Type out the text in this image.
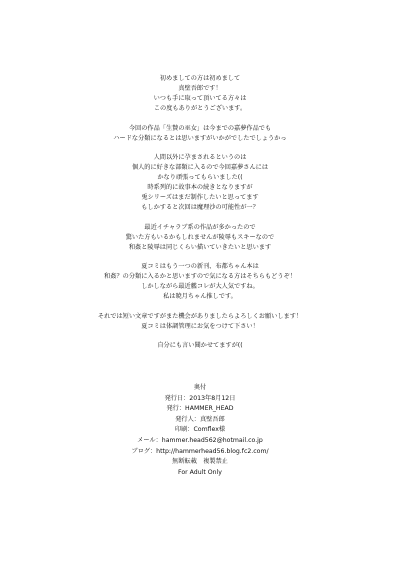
初めましての方は初めまして
真壁吾郎です！
いつも手に取って頂いてる方々は
この度もありがとうございます。
今回の作品「生贄の巫女」は今までの嘉夢作品でも
ハードな分類になるとは思いますがいかがでしたでしょうかっ
人間以外に孕まされるというのは
個人的に好きな部類に入るので今回嘉夢さんには
かなり頑張ってもらいました((
時系列的に故事本の続きとなりますが
兎シリーズはまだ制作したいと思ってます
もしかすると次回は魔理沙の可能性が一？
最近イチャラブ系の作品が多かったので
驚いた方もいるかもしれませんが陵辱もスキーなので
和姦と陵辱は同じくらい描いていきたいと思います
夏コミはもう一つの新刊、布都ちゃん本は
和姦？の分類に入るかと思いますので気になる方はそちらもどうぞ！
しかしながら最近艦コレが大人気ですね。
私は暁月ちゃん推しです。
それでは短い文章ですがまた機会がありましたらよろしくお願いします！
夏コミは体調管理にお気をつけて下さい！
自分にも言い聞かせてますが((
奥付
発行日：2013年8月12日
発行：HAMMER_HEAD
発行人：真壁吾郎
印刷：Comflex様
メール：hammer.head562@hotmail.co.jp
ブログ：http://hammerhead56.blog.fc2.com/
無断転載　複製禁止
For Adult Only
